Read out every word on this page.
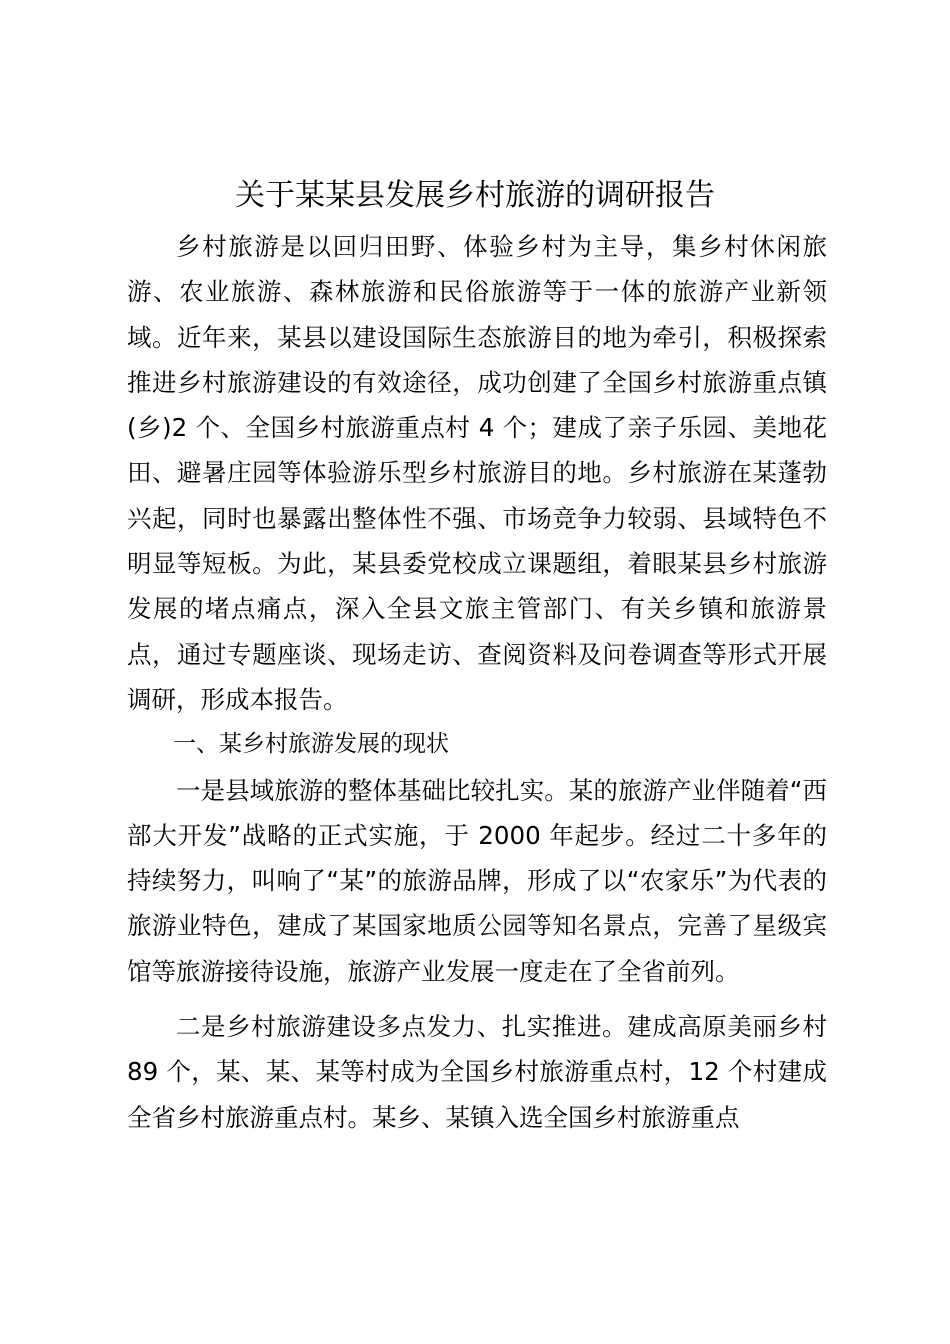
关于某某县发展乡村旅游的调研报告

乡村旅游是以回归田野、体验乡村为主导，集乡村休闲旅游、农业旅游、森林旅游和民俗旅游等于一体的旅游产业新领域。近年来，某县以建设国际生态旅游目的地为牵引，积极探索推进乡村旅游建设的有效途径，成功创建了全国乡村旅游重点镇(乡)2 个、全国乡村旅游重点村 4 个；建成了亲子乐园、美地花田、避暑庄园等体验游乐型乡村旅游目的地。乡村旅游在某蓬勃兴起，同时也暴露出整体性不强、市场竞争力较弱、县域特色不明显等短板。为此，某县委党校成立课题组，着眼某县乡村旅游发展的堵点痛点，深入全县文旅主管部门、有关乡镇和旅游景点，通过专题座谈、现场走访、查阅资料及问卷调查等形式开展调研，形成本报告。

一、某乡村旅游发展的现状

一是县域旅游的整体基础比较扎实。某的旅游产业伴随着“西部大开发”战略的正式实施，于 2000 年起步。经过二十多年的持续努力，叫响了“某”的旅游品牌，形成了以“农家乐”为代表的旅游业特色，建成了某国家地质公园等知名景点，完善了星级宾馆等旅游接待设施，旅游产业发展一度走在了全省前列。

二是乡村旅游建设多点发力、扎实推进。建成高原美丽乡村 89 个，某、某、某等村成为全国乡村旅游重点村，12 个村建成全省乡村旅游重点村。某乡、某镇入选全国乡村旅游重点
